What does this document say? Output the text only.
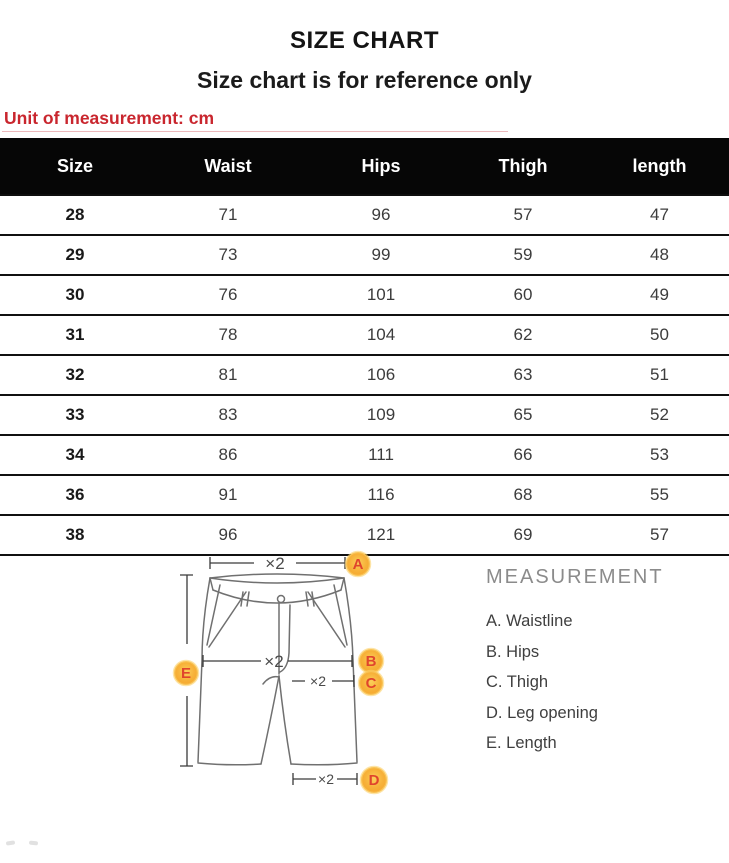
SIZE CHART
Size chart is for reference only
Unit of measurement: cm
Size	Waist	Hips	Thigh	length
28	71	96	57	47
29	73	99	59	48
30	76	101	60	49
31	78	104	62	50
32	81	106	63	51
33	83	109	65	52
34	86	111	66	53
36	91	116	68	55
38	96	121	69	57
×2
×2
×2
×2
A
B
C
D
E
MEASUREMENT
A. Waistline
B. Hips
C. Thigh
D. Leg opening
E. Length
